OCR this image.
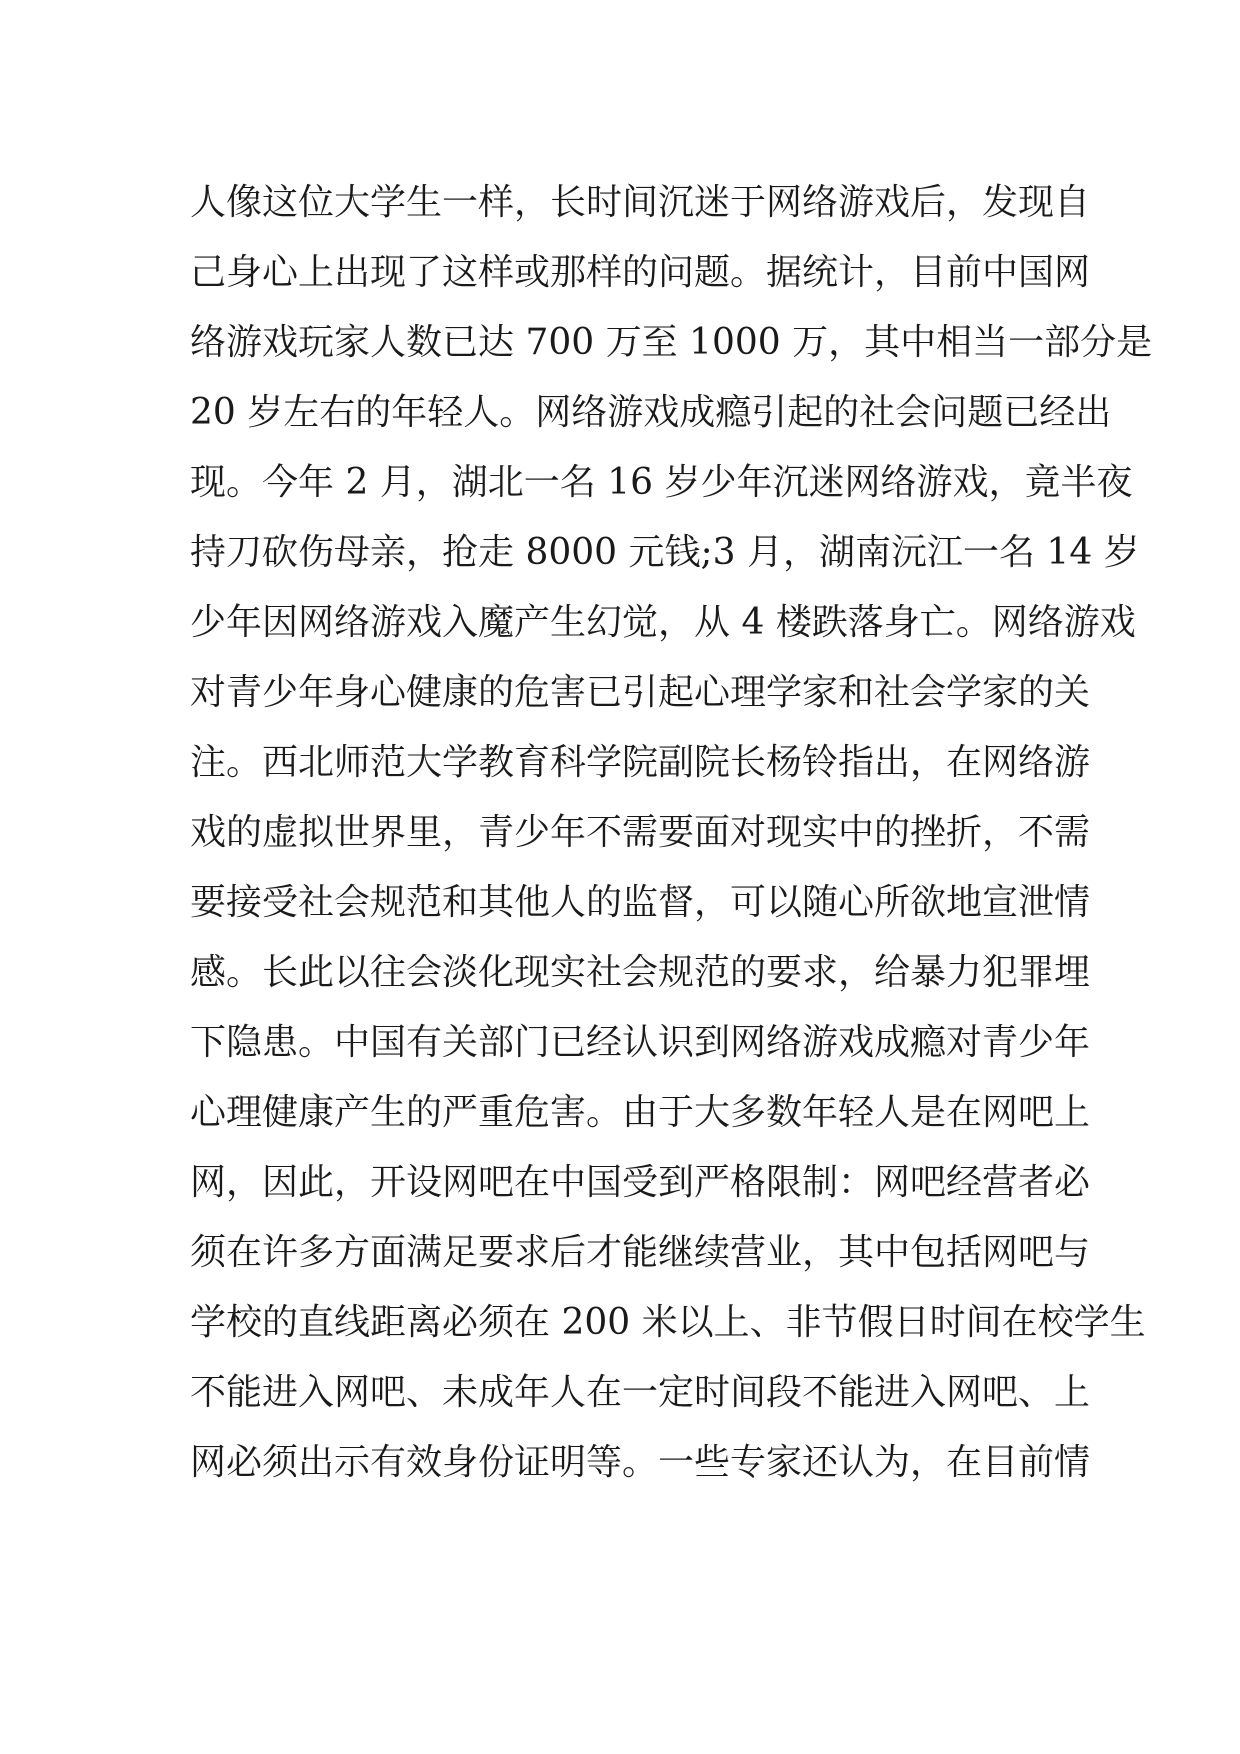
人像这位大学生一样，长时间沉迷于网络游戏后，发现自
己身心上出现了这样或那样的问题。据统计，目前中国网
络游戏玩家人数已达 700 万至 1000 万，其中相当一部分是
20 岁左右的年轻人。网络游戏成瘾引起的社会问题已经出
现。今年 2 月，湖北一名 16 岁少年沉迷网络游戏，竟半夜
持刀砍伤母亲，抢走 8000 元钱;3 月，湖南沅江一名 14 岁
少年因网络游戏入魔产生幻觉，从 4 楼跌落身亡。网络游戏
对青少年身心健康的危害已引起心理学家和社会学家的关
注。西北师范大学教育科学院副院长杨铃指出，在网络游
戏的虚拟世界里，青少年不需要面对现实中的挫折，不需
要接受社会规范和其他人的监督，可以随心所欲地宣泄情
感。长此以往会淡化现实社会规范的要求，给暴力犯罪埋
下隐患。中国有关部门已经认识到网络游戏成瘾对青少年
心理健康产生的严重危害。由于大多数年轻人是在网吧上
网，因此，开设网吧在中国受到严格限制：网吧经营者必
须在许多方面满足要求后才能继续营业，其中包括网吧与
学校的直线距离必须在 200 米以上、非节假日时间在校学生
不能进入网吧、未成年人在一定时间段不能进入网吧、上
网必须出示有效身份证明等。一些专家还认为，在目前情
